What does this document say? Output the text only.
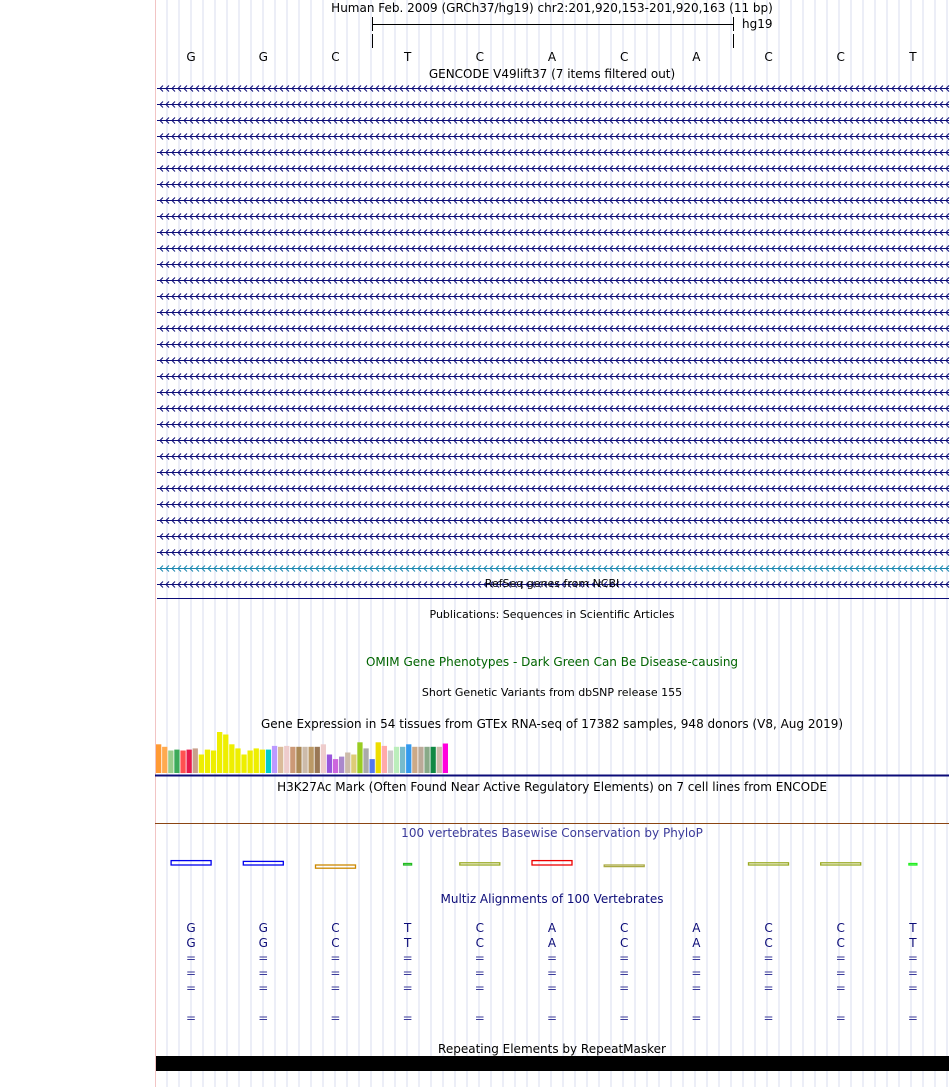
Human Feb. 2009 (GRCh37/hg19) chr2:201,920,153-201,920,163 (11 bp)
hg19
G	G	C	T	C	A	C	A	C	C	T
GENCODE V49lift37 (7 items filtered out)
RefSeq genes from NCBI
Publications: Sequences in Scientific Articles
OMIM Gene Phenotypes - Dark Green Can Be Disease-causing
Short Genetic Variants from dbSNP release 155
Gene Expression in 54 tissues from GTEx RNA-seq of 17382 samples, 948 donors (V8, Aug 2019)
H3K27Ac Mark (Often Found Near Active Regulatory Elements) on 7 cell lines from ENCODE
100 vertebrates Basewise Conservation by PhyloP
Multiz Alignments of 100 Vertebrates
G	G	C	T	C	A	C	A	C	C	T
G	G	C	T	C	A	C	A	C	C	T
=	=	=	=	=	=	=	=	=	=	=
=	=	=	=	=	=	=	=	=	=	=
=	=	=	=	=	=	=	=	=	=	=
=	=	=	=	=	=	=	=	=	=	=
Repeating Elements by RepeatMasker
